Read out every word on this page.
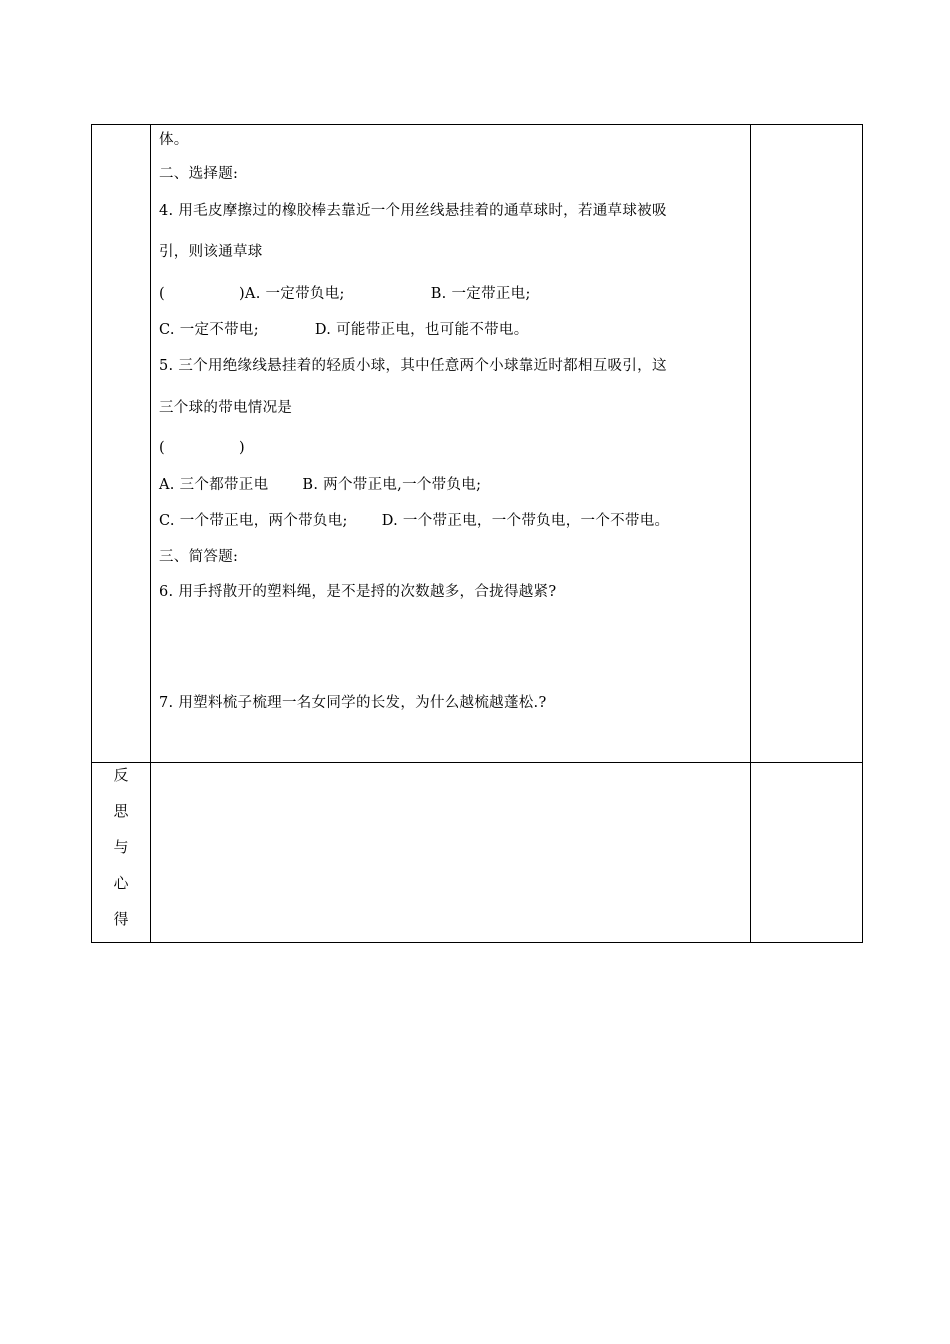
体。
二、选择题:
4. 用毛皮摩擦过的橡胶棒去靠近一个用丝线悬挂着的通草球时，若通草球被吸
引，则该通草球
(　　　　　)A. 一定带负电;	B. 一定带正电;
C. 一定不带电;	D. 可能带正电，也可能不带电。
5. 三个用绝缘线悬挂着的轻质小球，其中任意两个小球靠近时都相互吸引，这
三个球的带电情况是
(　　　　　)
A. 三个都带正电 B. 两个带正电,一个带负电;
C. 一个带正电，两个带负电; D. 一个带正电，一个带负电，一个不带电。
三、简答题:
6. 用手捋散开的塑料绳，是不是捋的次数越多，合拢得越紧?
7. 用塑料梳子梳理一名女同学的长发，为什么越梳越蓬松.?
反
思
与
心
得
